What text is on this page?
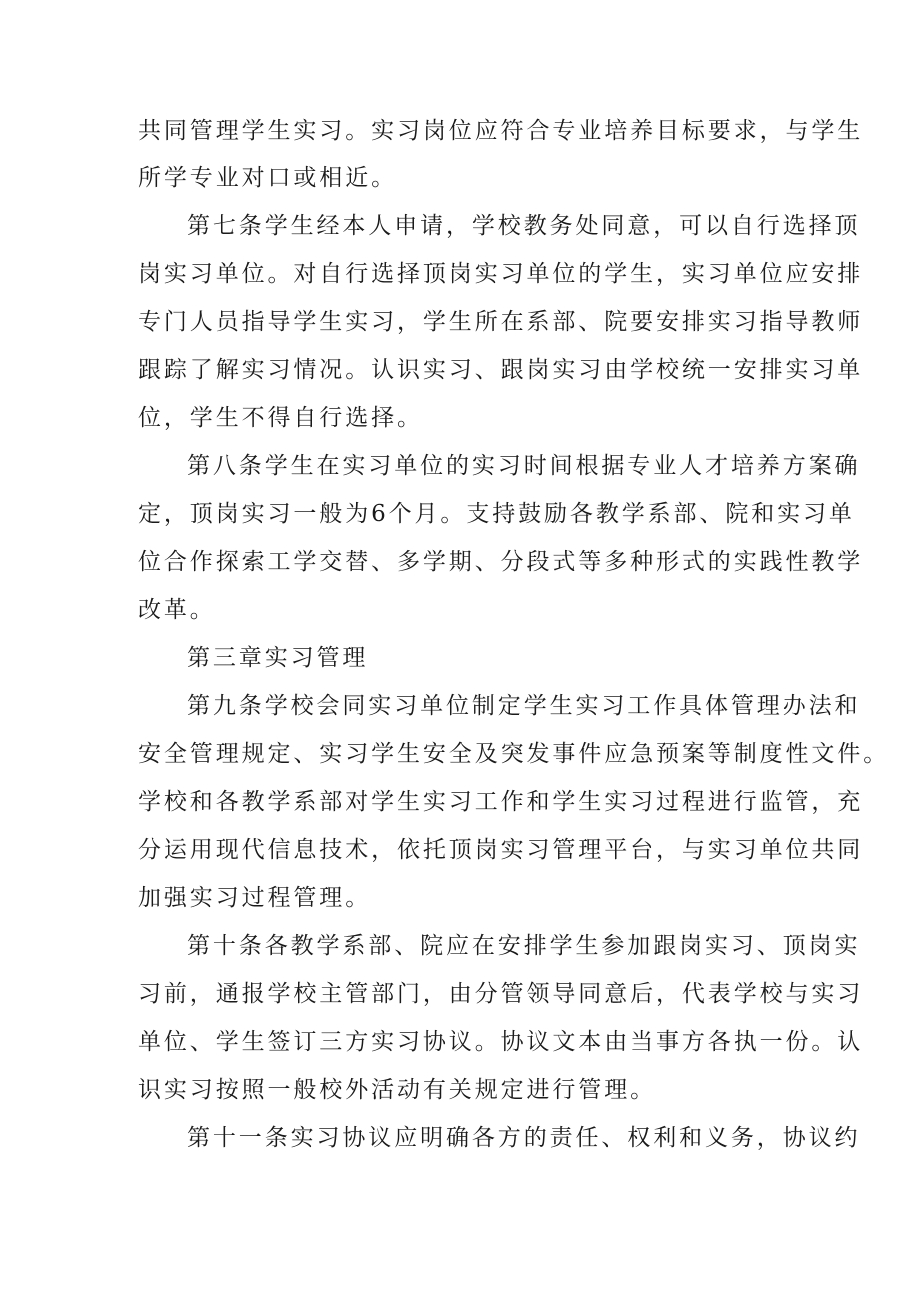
共同管理学生实习。实习岗位应符合专业培养目标要求，与学生
所学专业对口或相近。
第七条学生经本人申请，学校教务处同意，可以自行选择顶
岗实习单位。对自行选择顶岗实习单位的学生，实习单位应安排
专门人员指导学生实习，学生所在系部、院要安排实习指导教师
跟踪了解实习情况。认识实习、跟岗实习由学校统一安排实习单
位，学生不得自行选择。
第八条学生在实习单位的实习时间根据专业人才培养方案确
定，顶岗实习一般为6个月。支持鼓励各教学系部、院和实习单
位合作探索工学交替、多学期、分段式等多种形式的实践性教学
改革。
第三章实习管理
第九条学校会同实习单位制定学生实习工作具体管理办法和
安全管理规定、实习学生安全及突发事件应急预案等制度性文件。
学校和各教学系部对学生实习工作和学生实习过程进行监管，充
分运用现代信息技术，依托顶岗实习管理平台，与实习单位共同
加强实习过程管理。
第十条各教学系部、院应在安排学生参加跟岗实习、顶岗实
习前，通报学校主管部门，由分管领导同意后，代表学校与实习
单位、学生签订三方实习协议。协议文本由当事方各执一份。认
识实习按照一般校外活动有关规定进行管理。
第十一条实习协议应明确各方的责任、权利和义务，协议约
